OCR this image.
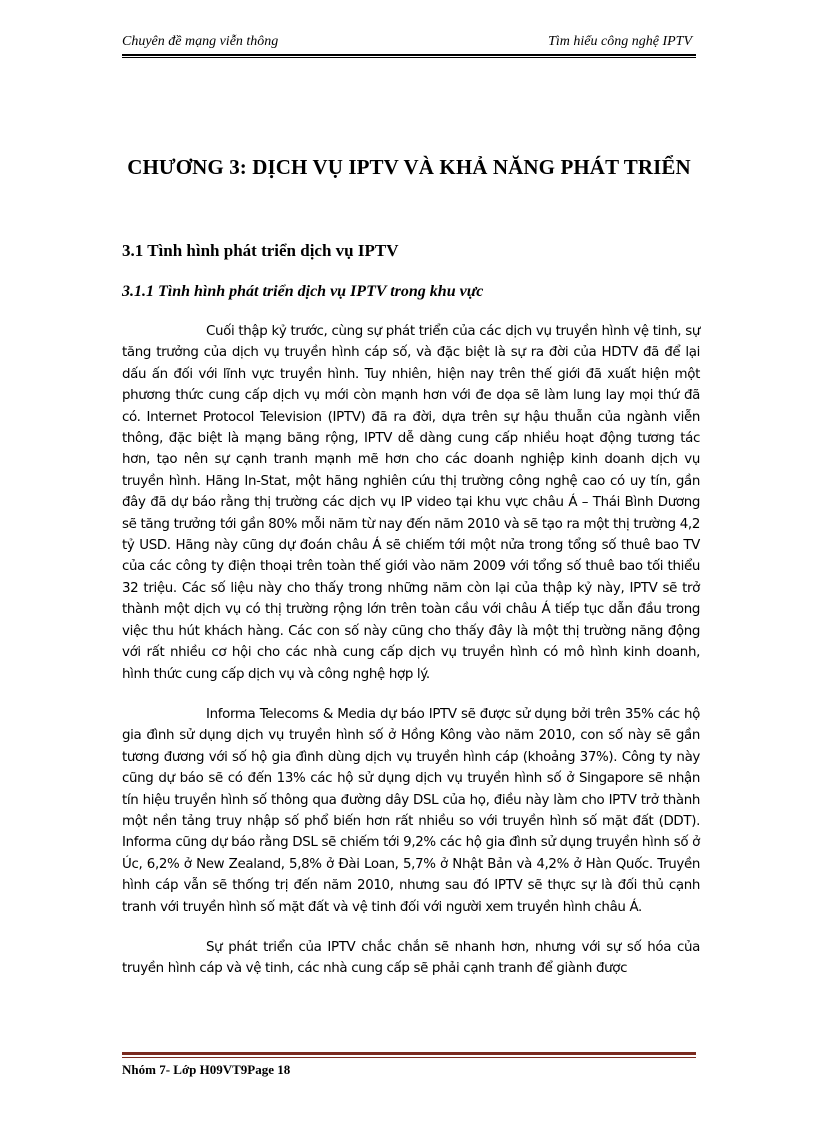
Chuyên đề mạng viễn thông	Tìm hiểu công nghệ IPTV
CHƯƠNG 3: DỊCH VỤ IPTV VÀ KHẢ NĂNG PHÁT TRIỂN
3.1 Tình hình phát triển dịch vụ IPTV
3.1.1 Tình hình phát triển dịch vụ IPTV trong khu vực

Cuối thập kỷ trước, cùng sự phát triển của các dịch vụ truyền hình vệ tinh, sự tăng trưởng của dịch vụ truyền hình cáp số, và đặc biệt là sự ra đời của HDTV đã để lại dấu ấn đối với lĩnh vực truyền hình. Tuy nhiên, hiện nay trên thế giới đã xuất hiện một phương thức cung cấp dịch vụ mới còn mạnh hơn với đe dọa sẽ làm lung lay mọi thứ đã có. Internet Protocol Television (IPTV) đã ra đời, dựa trên sự hậu thuẫn của ngành viễn thông, đặc biệt là mạng băng rộng, IPTV dễ dàng cung cấp nhiều hoạt động tương tác hơn, tạo nên sự cạnh tranh mạnh mẽ hơn cho các doanh nghiệp kinh doanh dịch vụ truyền hình. Hãng In-Stat, một hãng nghiên cứu thị trường công nghệ cao có uy tín, gần đây đã dự báo rằng thị trường các dịch vụ IP video tại khu vực châu Á – Thái Bình Dương sẽ tăng trưởng tới gần 80% mỗi năm từ nay đến năm 2010 và sẽ tạo ra một thị trường 4,2 tỷ USD. Hãng này cũng dự đoán châu Á sẽ chiếm tới một nửa trong tổng số thuê bao TV của các công ty điện thoại trên toàn thế giới vào năm 2009 với tổng số thuê bao tối thiểu 32 triệu. Các số liệu này cho thấy trong những năm còn lại của thập kỷ này, IPTV sẽ trở thành một dịch vụ có thị trường rộng lớn trên toàn cầu với châu Á tiếp tục dẫn đầu trong việc thu hút khách hàng. Các con số này cũng cho thấy đây là một thị trường năng động với rất nhiều cơ hội cho các nhà cung cấp dịch vụ truyền hình có mô hình kinh doanh, hình thức cung cấp dịch vụ và công nghệ hợp lý.

Informa Telecoms & Media dự báo IPTV sẽ được sử dụng bởi trên 35% các hộ gia đình sử dụng dịch vụ truyền hình số ở Hồng Kông vào năm 2010, con số này sẽ gần tương đương với số hộ gia đình dùng dịch vụ truyền hình cáp (khoảng 37%). Công ty này cũng dự báo sẽ có đến 13% các hộ sử dụng dịch vụ truyền hình số ở Singapore sẽ nhận tín hiệu truyền hình số thông qua đường dây DSL của họ, điều này làm cho IPTV trở thành một nền tảng truy nhập số phổ biến hơn rất nhiều so với truyền hình số mặt đất (DDT). Informa cũng dự báo rằng DSL sẽ chiếm tới 9,2% các hộ gia đình sử dụng truyền hình số ở Úc, 6,2% ở New Zealand, 5,8% ở Đài Loan, 5,7% ở Nhật Bản và 4,2% ở Hàn Quốc. Truyền hình cáp vẫn sẽ thống trị đến năm 2010, nhưng sau đó IPTV sẽ thực sự là đối thủ cạnh tranh với truyền hình số mặt đất và vệ tinh đối với người xem truyền hình châu Á.

Sự phát triển của IPTV chắc chắn sẽ nhanh hơn, nhưng với sự số hóa của truyền hình cáp và vệ tinh, các nhà cung cấp sẽ phải cạnh tranh để giành được

Nhóm 7- Lớp H09VT9Page 18
